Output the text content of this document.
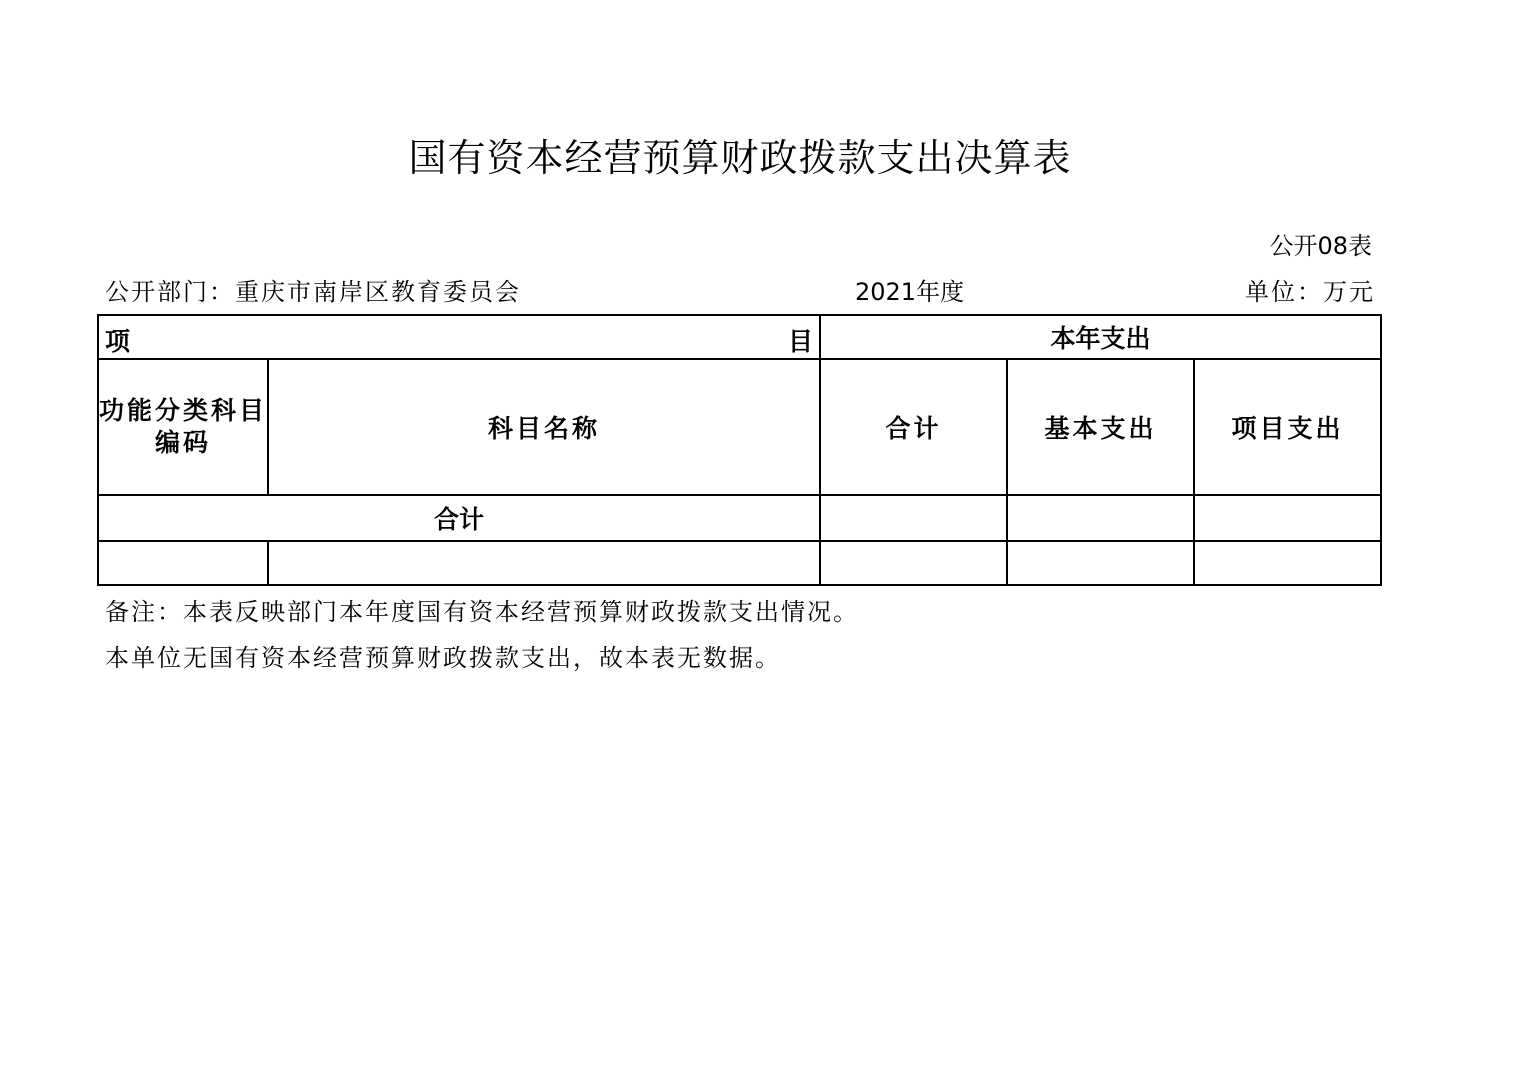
国有资本经营预算财政拨款支出决算表
公开08表
公开部门：重庆市南岸区教育委员会	2021年度	单位：万元
项 目		本年支出		
功能分类科目编码	科目名称	合计	基本支出	项目支出
合计				

备注：本表反映部门本年度国有资本经营预算财政拨款支出情况。
本单位无国有资本经营预算财政拨款支出，故本表无数据。
